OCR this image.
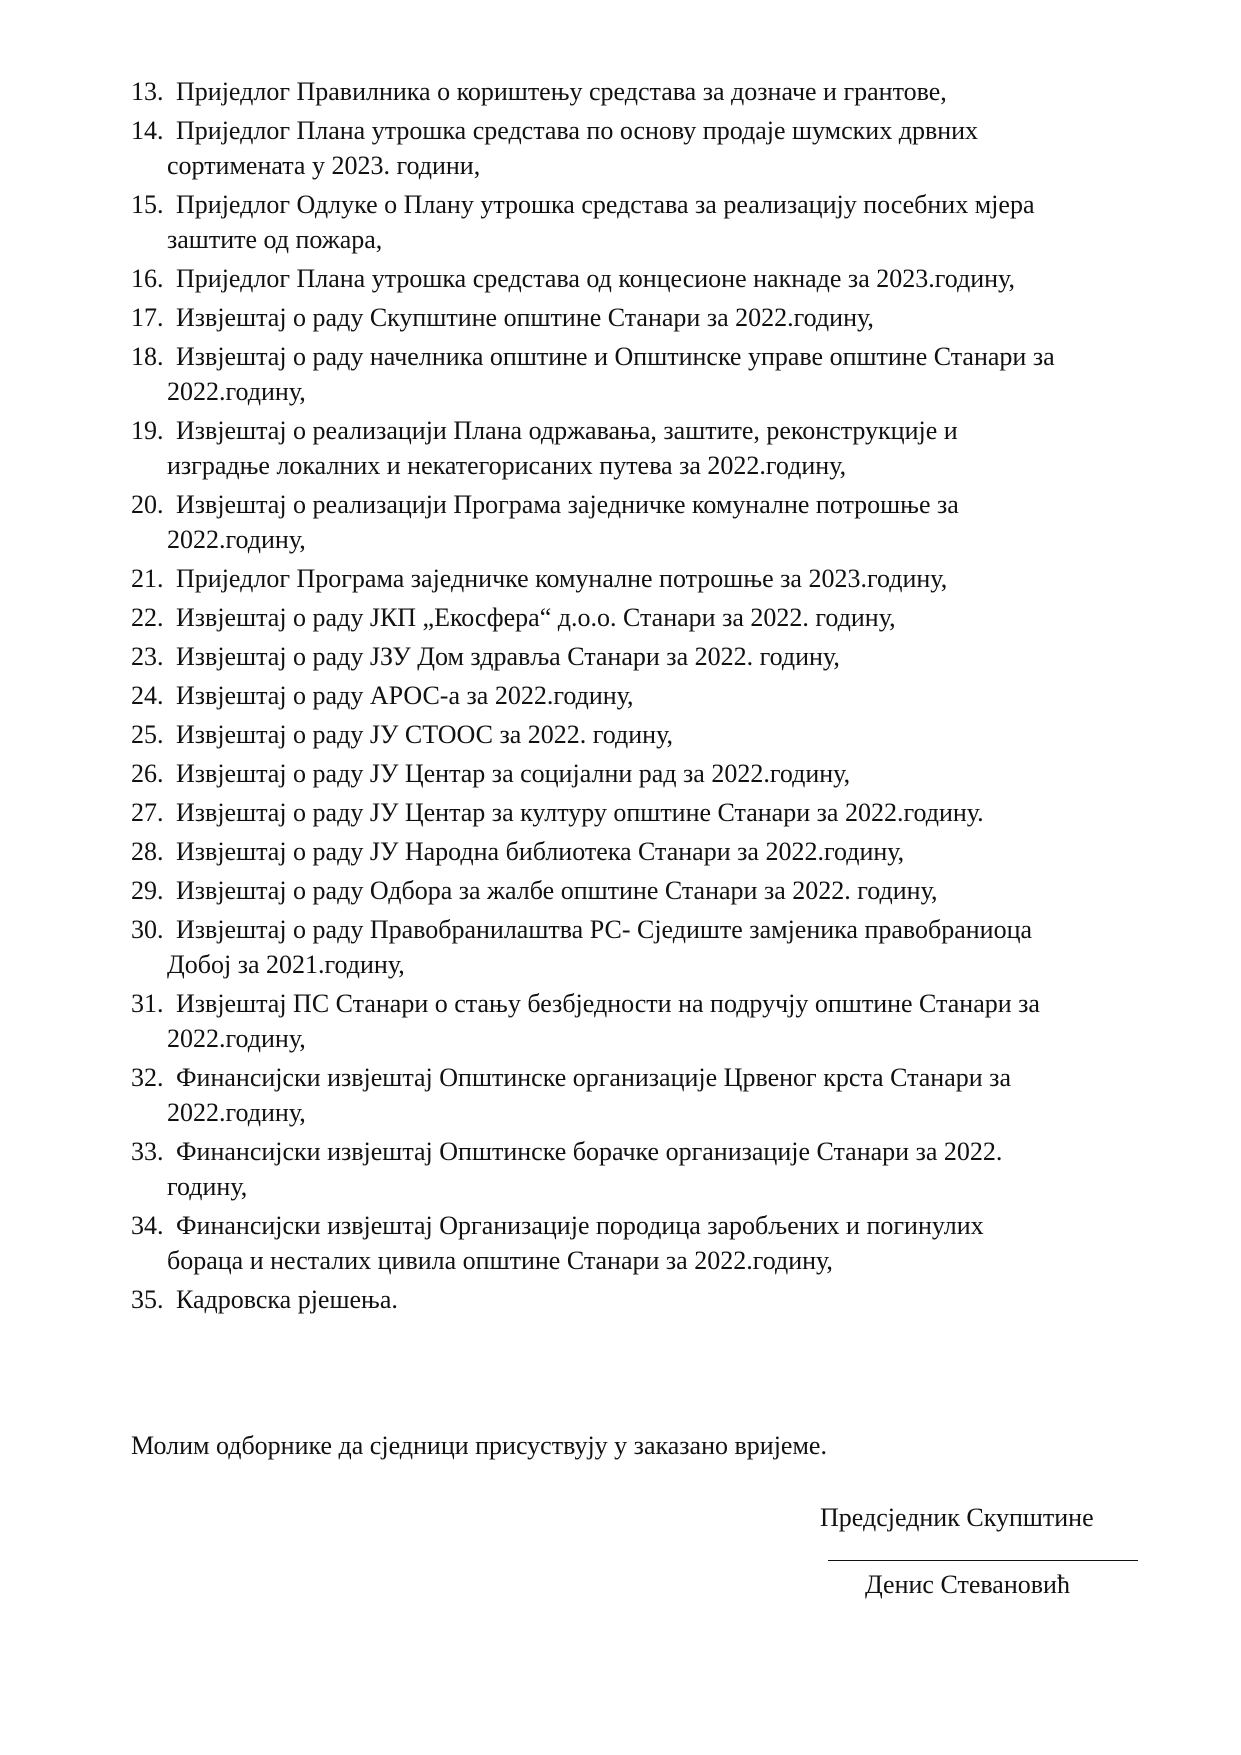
13. Приједлог Правилника о кориштењу средстава за дозначе и грантове,
14. Приједлог Плана утрошка средстава по основу продаје шумских дрвних
сортимената у 2023. години,
15. Приједлог Одлуке о Плану утрошка средстава за реализацију посебних мјера
заштите од пожара,
16. Приједлог Плана утрошка средстава од концесионе накнаде за 2023.годину,
17. Извјештај о раду Скупштине општине Станари за 2022.годину,
18. Извјештај о раду начелника општине и Општинске управе општине Станари за
2022.годину,
19. Извјештај о реализацији Плана одржавања, заштите, реконструкције и
изградње локалних и некатегорисаних путева за 2022.годину,
20. Извјештај о реализацији Програма заједничке комуналне потрошње за
2022.годину,
21. Приједлог Програма заједничке комуналне потрошње за 2023.годину,
22. Извјештај о раду ЈКП „Екосфера“ д.о.о. Станари за 2022. годину,
23. Извјештај о раду ЈЗУ Дом здравља Станари за 2022. годину,
24. Извјештај о раду АРОС-а за 2022.годину,
25. Извјештај о раду ЈУ СТООС за 2022. годину,
26. Извјештај о раду ЈУ Центар за социјални рад за 2022.годину,
27. Извјештај о раду ЈУ Центар за културу општине Станари за 2022.годину.
28. Извјештај о раду ЈУ Народна библиотека Станари за 2022.годину,
29. Извјештај о раду Одбора за жалбе општине Станари за 2022. годину,
30. Извјештај о раду Правобранилаштва РС- Сједиште замјеника правобраниоца
Добој за 2021.годину,
31. Извјештај ПС Станари о стању безбједности на подручју општине Станари за
2022.годину,
32. Финансијски извјештај Општинске организације Црвеног крста Станари за
2022.годину,
33. Финансијски извјештај Општинске борачке организације Станари за 2022.
годину,
34. Финансијски извјештај Организације породица заробљених и погинулих
бораца и несталих цивила општине Станари за 2022.годину,
35. Кадровска рјешења.

Молим одборнике да сједници присуствују у заказано вријеме.

Предсједник Скупштине
Денис Стевановић
